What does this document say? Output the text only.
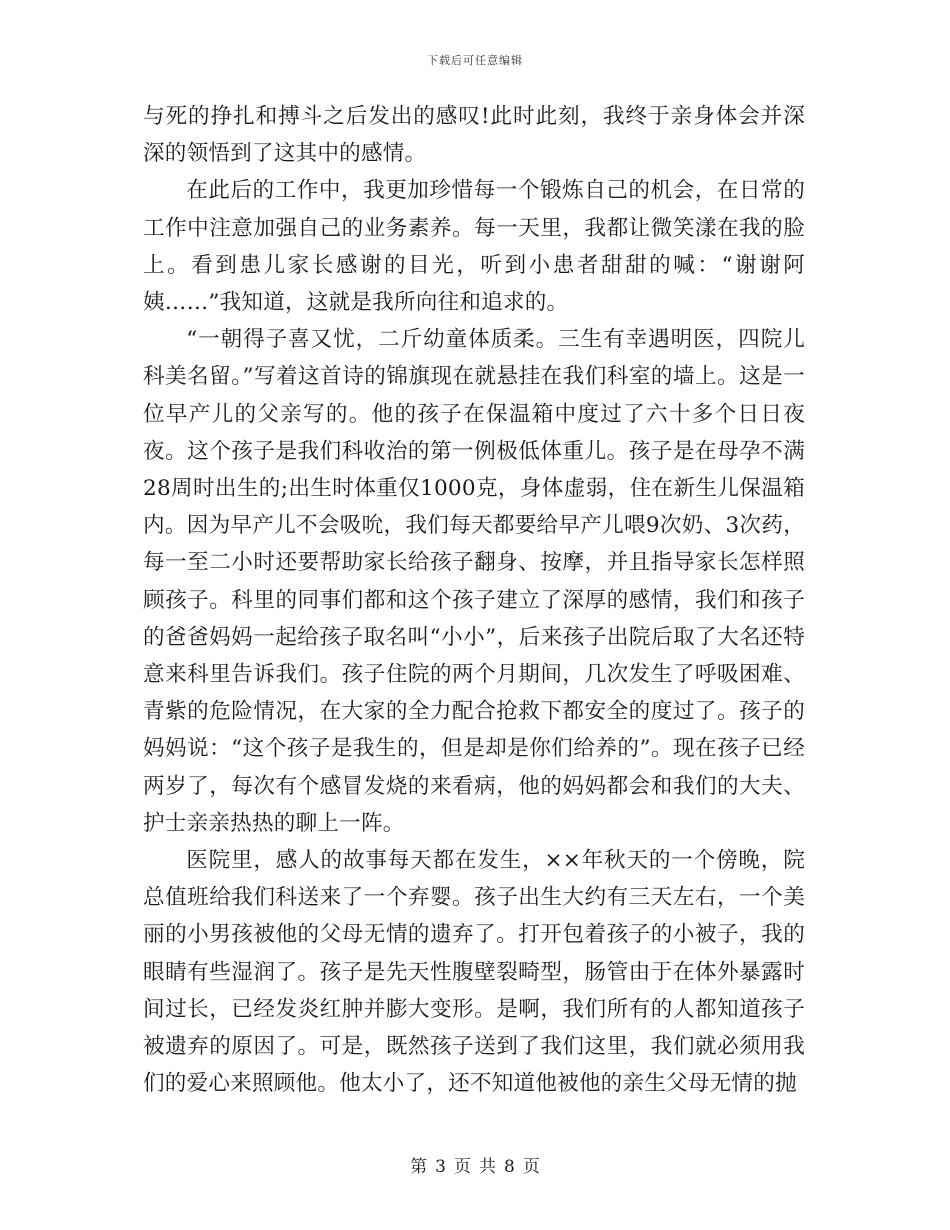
下载后可任意编辑

与死的挣扎和搏斗之后发出的感叹!此时此刻，我终于亲身体会并深深的领悟到了这其中的感情。

在此后的工作中，我更加珍惜每一个锻炼自己的机会，在日常的工作中注意加强自己的业务素养。每一天里，我都让微笑漾在我的脸上。看到患儿家长感谢的目光，听到小患者甜甜的喊：“谢谢阿姨……”我知道，这就是我所向往和追求的。

“一朝得子喜又忧，二斤幼童体质柔。三生有幸遇明医，四院儿科美名留。”写着这首诗的锦旗现在就悬挂在我们科室的墙上。这是一位早产儿的父亲写的。他的孩子在保温箱中度过了六十多个日日夜夜。这个孩子是我们科收治的第一例极低体重儿。孩子是在母孕不满28周时出生的;出生时体重仅1000克，身体虚弱，住在新生儿保温箱内。因为早产儿不会吸吮，我们每天都要给早产儿喂9次奶、3次药，每一至二小时还要帮助家长给孩子翻身、按摩，并且指导家长怎样照顾孩子。科里的同事们都和这个孩子建立了深厚的感情，我们和孩子的爸爸妈妈一起给孩子取名叫“小小”，后来孩子出院后取了大名还特意来科里告诉我们。孩子住院的两个月期间，几次发生了呼吸困难、青紫的危险情况，在大家的全力配合抢救下都安全的度过了。孩子的妈妈说：“这个孩子是我生的，但是却是你们给养的”。现在孩子已经两岁了，每次有个感冒发烧的来看病，他的妈妈都会和我们的大夫、护士亲亲热热的聊上一阵。

医院里，感人的故事每天都在发生，××年秋天的一个傍晚，院总值班给我们科送来了一个弃婴。孩子出生大约有三天左右，一个美丽的小男孩被他的父母无情的遗弃了。打开包着孩子的小被子，我的眼睛有些湿润了。孩子是先天性腹壁裂畸型，肠管由于在体外暴露时间过长，已经发炎红肿并膨大变形。是啊，我们所有的人都知道孩子被遗弃的原因了。可是，既然孩子送到了我们这里，我们就必须用我们的爱心来照顾他。他太小了，还不知道他被他的亲生父母无情的抛

第 3 页 共 8 页
